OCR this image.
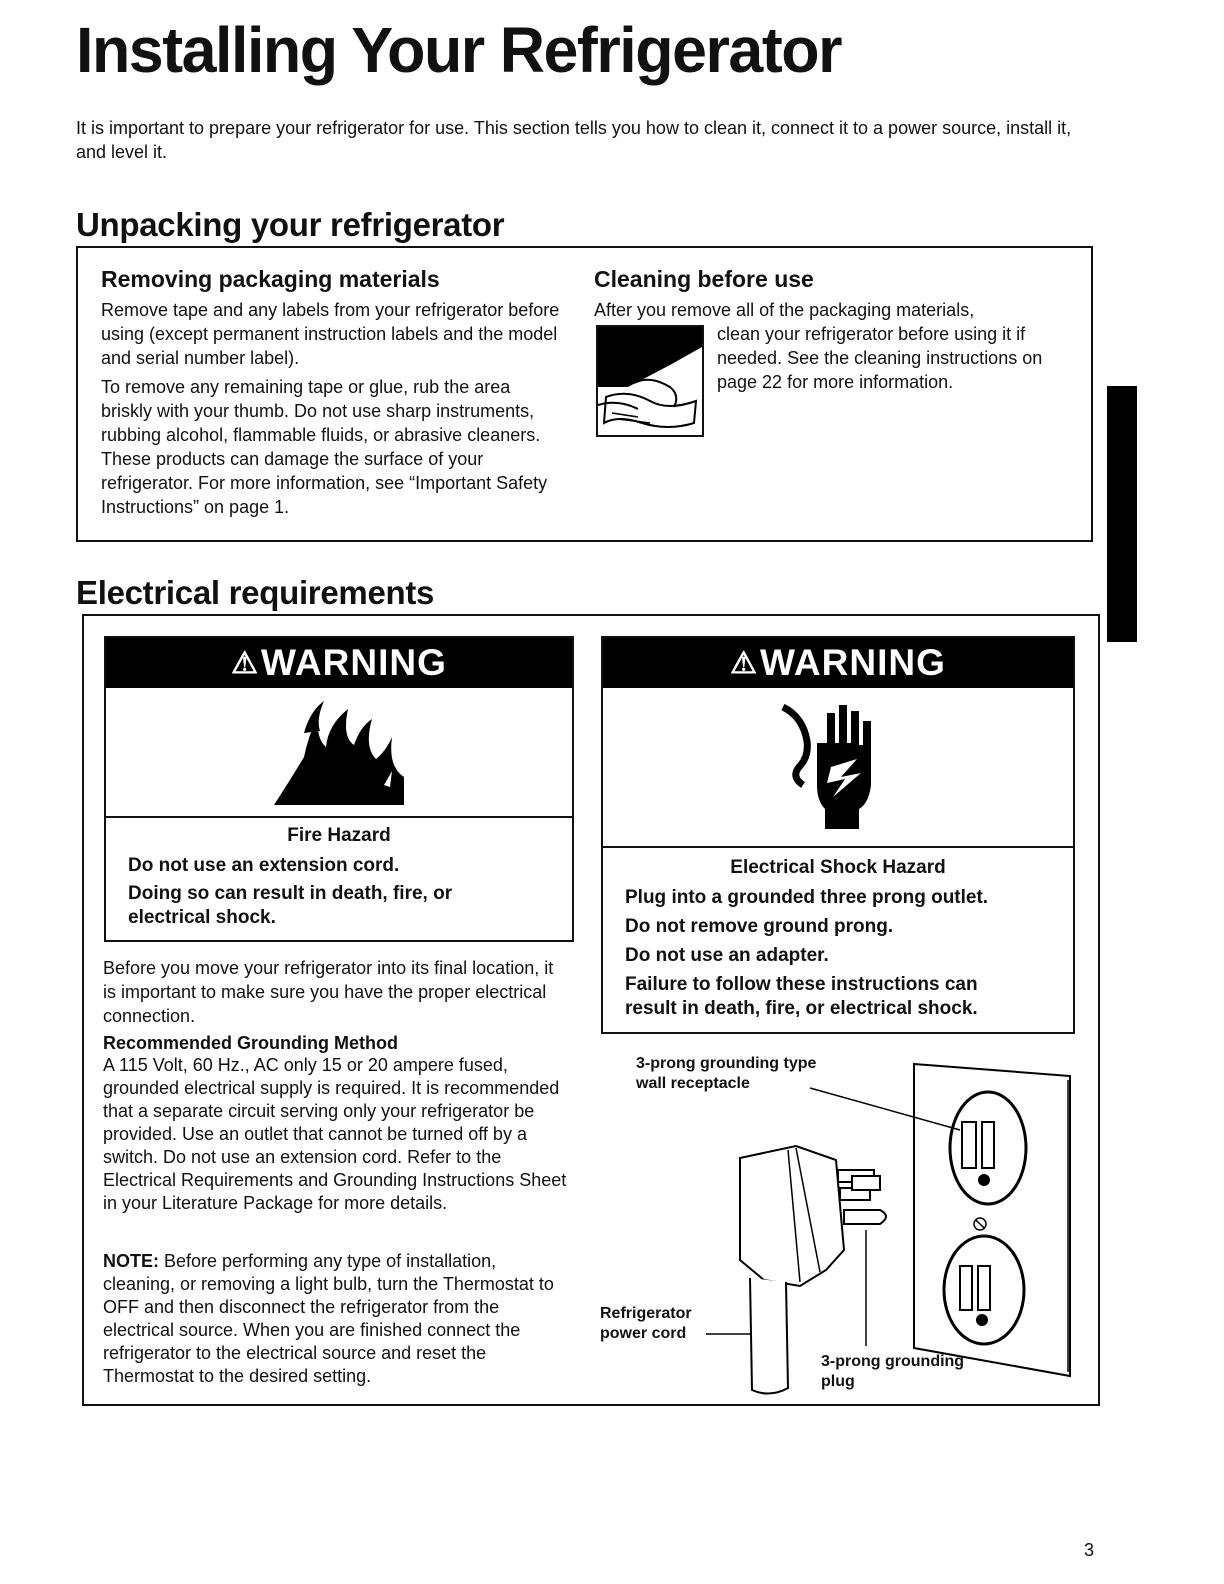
Installing Your Refrigerator

It is important to prepare your refrigerator for use. This section tells you how to clean it, connect it to a power source, install it, and level it.

Unpacking your refrigerator
Removing packaging materials

Remove tape and any labels from your refrigerator before using (except permanent instruction labels and the model and serial number label).

To remove any remaining tape or glue, rub the area briskly with your thumb. Do not use sharp instruments, rubbing alcohol, flammable fluids, or abrasive cleaners. These products can damage the surface of your refrigerator. For more information, see “Important Safety Instructions” on page 1.

Cleaning before use

After you remove all of the packaging materials,

clean your refrigerator before using it if needed. See the cleaning instructions on page 22 for more information.

Electrical requirements
⚠ WARNING

Fire Hazard

Do not use an extension cord.

Doing so can result in death, fire, or electrical shock.

⚠ WARNING

Electrical Shock Hazard

Plug into a grounded three prong outlet.

Do not remove ground prong.

Do not use an adapter.

Failure to follow these instructions can result in death, fire, or electrical shock.

Before you move your refrigerator into its final location, it is important to make sure you have the proper electrical connection.

Recommended Grounding Method

A 115 Volt, 60 Hz., AC only 15 or 20 ampere fused, grounded electrical supply is required. It is recommended that a separate circuit serving only your refrigerator be provided. Use an outlet that cannot be turned off by a switch. Do not use an extension cord. Refer to the Electrical Requirements and Grounding Instructions Sheet in your Literature Package for more details.

NOTE: Before performing any type of installation, cleaning, or removing a light bulb, turn the Thermostat to OFF and then disconnect the refrigerator from the electrical source. When you are finished connect the refrigerator to the electrical source and reset the Thermostat to the desired setting.

3-prong grounding type wall receptacle

Refrigerator power cord

3-prong grounding plug

3
